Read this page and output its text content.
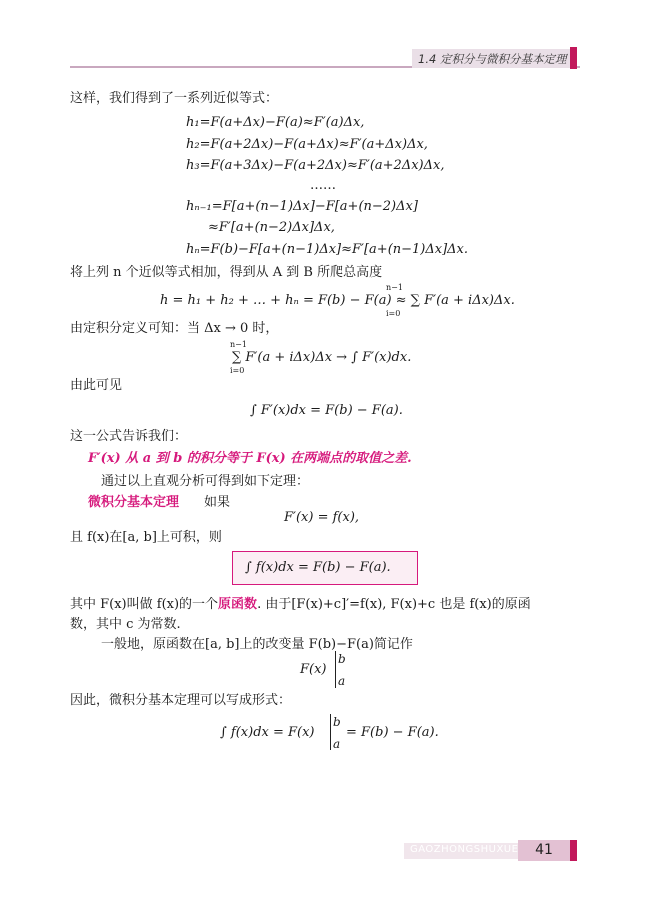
1.4 定积分与微积分基本定理
这样，我们得到了一系列近似等式：
h₁=F(a+Δx)−F(a)≈F′(a)Δx,
h₂=F(a+2Δx)−F(a+Δx)≈F′(a+Δx)Δx,
h₃=F(a+3Δx)−F(a+2Δx)≈F′(a+2Δx)Δx,
……
hₙ₋₁=F[a+(n−1)Δx]−F[a+(n−2)Δx]
≈F′[a+(n−2)Δx]Δx,
hₙ=F(b)−F[a+(n−1)Δx]≈F′[a+(n−1)Δx]Δx.
将上列 n 个近似等式相加，得到从 A 到 B 所爬总高度
h = h₁ + h₂ + … + hₙ = F(b) − F(a) ≈ ∑ F′(a + iΔx)Δx.
n−1
i=0
由定积分定义可知：当 Δx → 0 时，
∑ F′(a + iΔx)Δx → ∫ F′(x)dx.
n−1
i=0
由此可见
∫ F′(x)dx = F(b) − F(a).
这一公式告诉我们：
F′(x) 从 a 到 b 的积分等于 F(x) 在两端点的取值之差.
通过以上直观分析可得到如下定理：
微积分基本定理 如果
F′(x) = f(x),
且 f(x)在[a, b]上可积，则
∫ f(x)dx = F(b) − F(a).
其中 F(x)叫做 f(x)的一个原函数. 由于[F(x)+c]′=f(x), F(x)+c 也是 f(x)的原函
数，其中 c 为常数.
一般地，原函数在[a, b]上的改变量 F(b)−F(a)简记作
F(x)
b
a
因此，微积分基本定理可以写成形式：
∫ f(x)dx = F(x)
b
a
= F(b) − F(a).
GAOZHONGSHUXUE	41
